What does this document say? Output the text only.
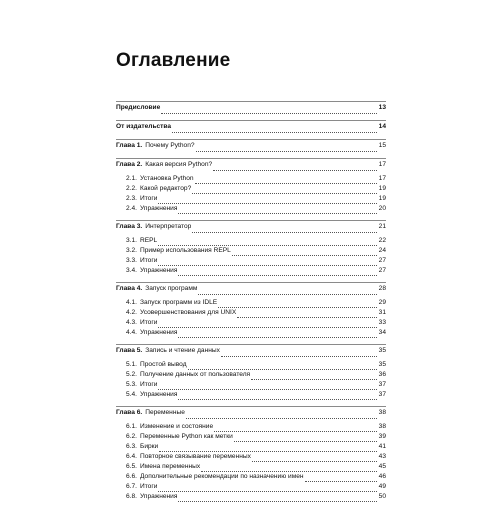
Оглавление
Предисловие	13
От издательства	14
Глава 1. Почему Python?	15
Глава 2. Какая версия Python?	17
2.1. Установка Python	17
2.2. Какой редактор?	19
2.3. Итоги	19
2.4. Упражнения	20
Глава 3. Интерпретатор	21
3.1. REPL	22
3.2. Пример использования REPL	24
3.3. Итоги	27
3.4. Упражнения	27
Глава 4. Запуск программ	28
4.1. Запуск программ из IDLE	29
4.2. Усовершенствования для UNIX	31
4.3. Итоги	33
4.4. Упражнения	34
Глава 5. Запись и чтение данных	35
5.1. Простой вывод	35
5.2. Получение данных от пользователя	36
5.3. Итоги	37
5.4. Упражнения	37
Глава 6. Переменные	38
6.1. Изменение и состояние	38
6.2. Переменные Python как метки	39
6.3. Бирки	41
6.4. Повторное связывание переменных	43
6.5. Имена переменных	45
6.6. Дополнительные рекомендации по назначению имен	46
6.7. Итоги	49
6.8. Упражнения	50
